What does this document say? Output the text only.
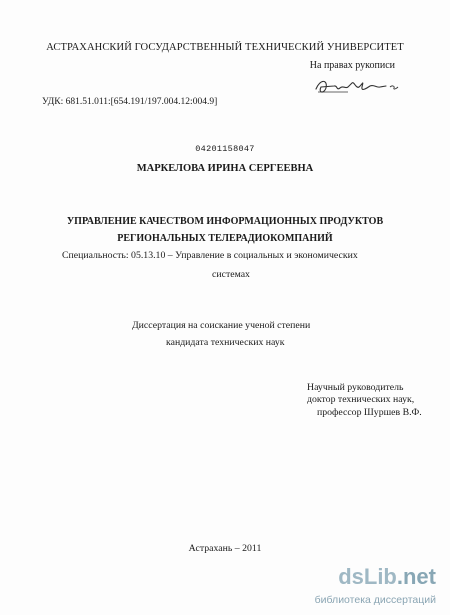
АСТРАХАНСКИЙ ГОСУДАРСТВЕННЫЙ ТЕХНИЧЕСКИЙ УНИВЕРСИТЕТ
На правах рукописи
УДК: 681.51.011:[654.191/197.004.12:004.9]
04201158047
МАРКЕЛОВА ИРИНА СЕРГЕЕВНА
УПРАВЛЕНИЕ КАЧЕСТВОМ ИНФОРМАЦИОННЫХ ПРОДУКТОВ
РЕГИОНАЛЬНЫХ ТЕЛЕРАДИОКОМПАНИЙ
Специальность: 05.13.10 – Управление в социальных и экономических
системах
Диссертация на соискание ученой степени
кандидата технических наук
Научный руководитель
доктор технических наук,
профессор Шуршев В.Ф.
Астрахань – 2011
dsLib.net
библиотека диссертаций
